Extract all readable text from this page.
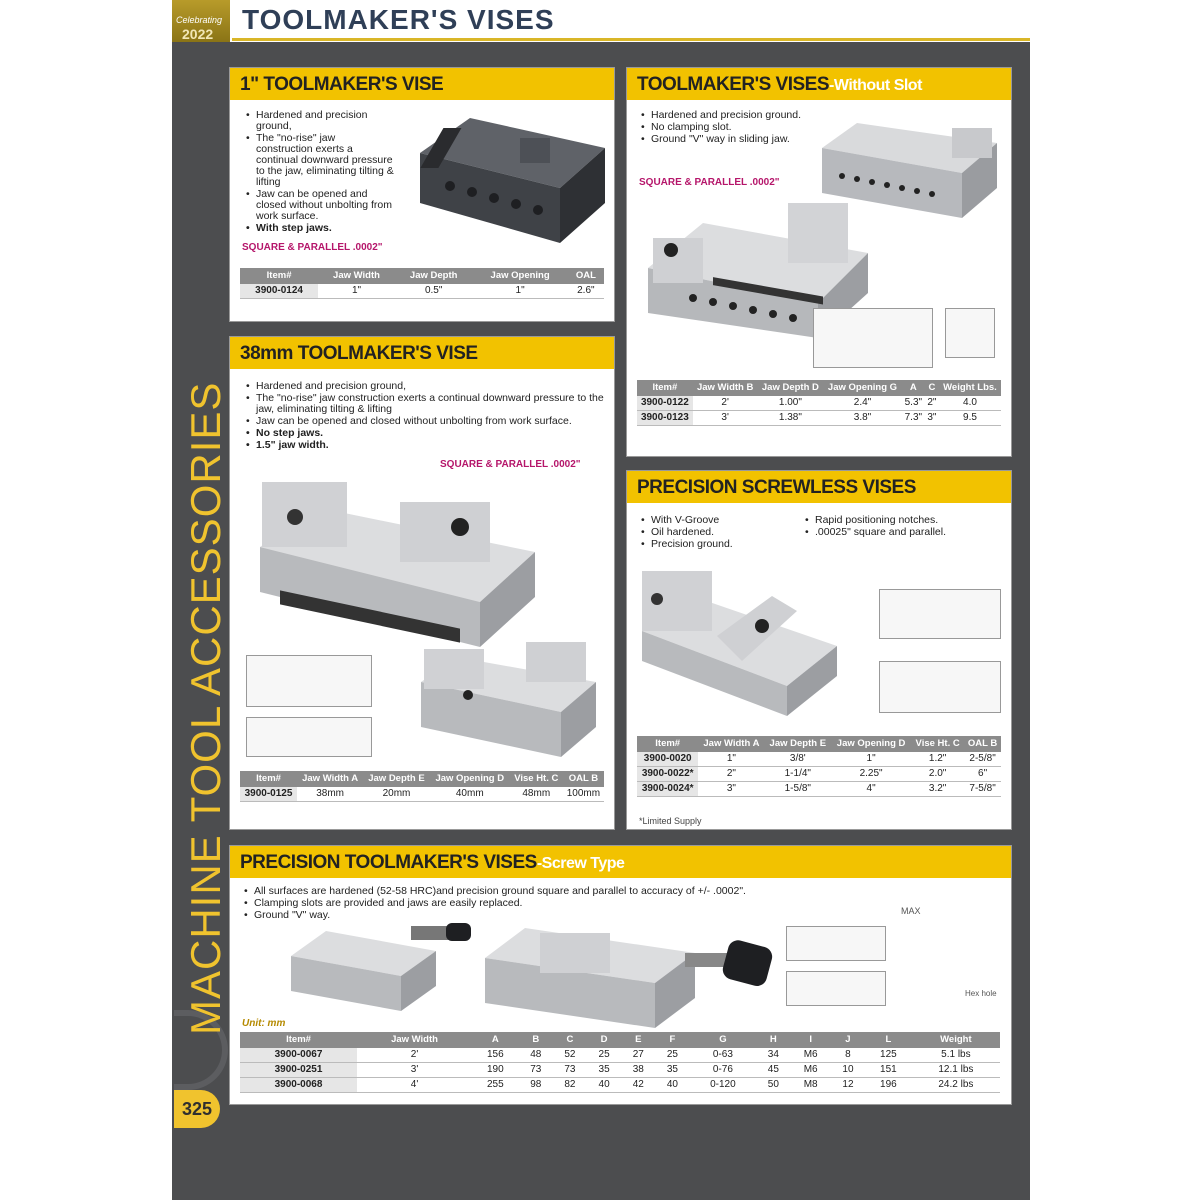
Celebrating
2022 TOOLMAKER'S VISES
MACHINE TOOL ACCESSORIES
325
1" TOOLMAKER'S VISE
• Hardened and precision ground,
• The "no-rise" jaw construction exerts a continual downward pressure to the jaw, eliminating tilting & lifting
• Jaw can be opened and closed without unbolting from work surface.
• With step jaws.
SQUARE & PARALLEL .0002"
Item#	Jaw Width	Jaw Depth	Jaw Opening	OAL
3900-0124	1"	0.5"	1"	2.6"
TOOLMAKER'S VISES-Without Slot
• Hardened and precision ground.
• No clamping slot.
• Ground "V" way in sliding jaw.
SQUARE & PARALLEL .0002"
Item#	Jaw Width B	Jaw Depth D	Jaw Opening G	A	C	Weight Lbs.
3900-0122	2'	1.00"	2.4"	5.3"	2"	4.0
3900-0123	3'	1.38"	3.8"	7.3"	3"	9.5
38mm TOOLMAKER'S VISE
• Hardened and precision ground,
• The "no-rise" jaw construction exerts a continual downward pressure to the jaw, eliminating tilting & lifting
• Jaw can be opened and closed without unbolting from work surface.
• No step jaws.
• 1.5" jaw width.
SQUARE & PARALLEL .0002"
Item#	Jaw Width A	Jaw Depth E	Jaw Opening D	Vise Ht. C	OAL B
3900-0125	38mm	20mm	40mm	48mm	100mm
PRECISION SCREWLESS VISES
• With V-Groove
• Oil hardened.
• Precision ground.
• Rapid positioning notches.
• .00025" square and parallel.
Item#	Jaw Width A	Jaw Depth E	Jaw Opening D	Vise Ht. C	OAL B
3900-0020	1"	3/8'	1"	1.2"	2-5/8"
3900-0022*	2"	1-1/4"	2.25"	2.0"	6"
3900-0024*	3"	1-5/8"	4"	3.2"	7-5/8"
*Limited Supply
PRECISION TOOLMAKER'S VISES-Screw Type
• All surfaces are hardened (52-58 HRC)and precision ground square and parallel to accuracy of +/- .0002".
• Clamping slots are provided and jaws are easily replaced.
• Ground "V" way.	MAX
Hex hole
Unit: mm
Item#	Jaw Width	A	B	C	D	E	F	G	H	I	J	L	Weight
3900-0067	2'	156	48	52	25	27	25	0-63	34	M6	8	125	5.1 lbs
3900-0251	3'	190	73	73	35	38	35	0-76	45	M6	10	151	12.1 lbs
3900-0068	4'	255	98	82	40	42	40	0-120	50	M8	12	196	24.2 lbs
